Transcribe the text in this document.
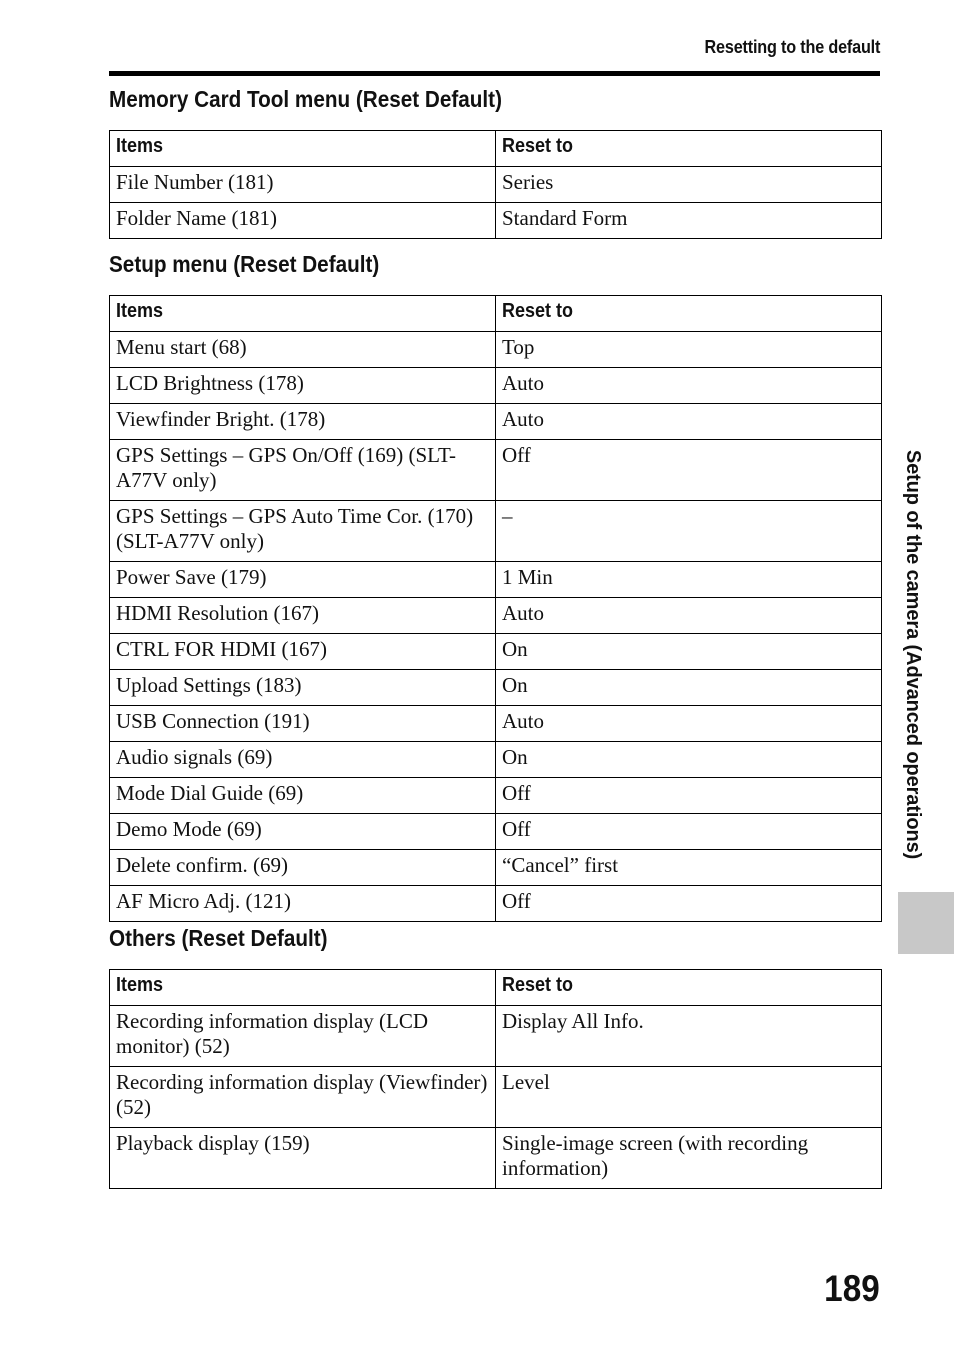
Resetting to the default
Memory Card Tool menu (Reset Default)
Items	Reset to
File Number (181)	Series
Folder Name (181)	Standard Form
Setup menu (Reset Default)
Items	Reset to
Menu start (68)	Top
LCD Brightness (178)	Auto
Viewfinder Bright. (178)	Auto
GPS Settings – GPS On/Off (169) (SLT-A77V only)	Off
GPS Settings – GPS Auto Time Cor. (170) (SLT-A77V only)	–
Power Save (179)	1 Min
HDMI Resolution (167)	Auto
CTRL FOR HDMI (167)	On
Upload Settings (183)	On
USB Connection (191)	Auto
Audio signals (69)	On
Mode Dial Guide (69)	Off
Demo Mode (69)	Off
Delete confirm. (69)	“Cancel” first
AF Micro Adj. (121)	Off
Others (Reset Default)
Items	Reset to
Recording information display (LCD monitor) (52)	Display All Info.
Recording information display (Viewfinder) (52)	Level
Playback display (159)	Single-image screen (with recording information)
Setup of the camera (Advanced operations)
189
